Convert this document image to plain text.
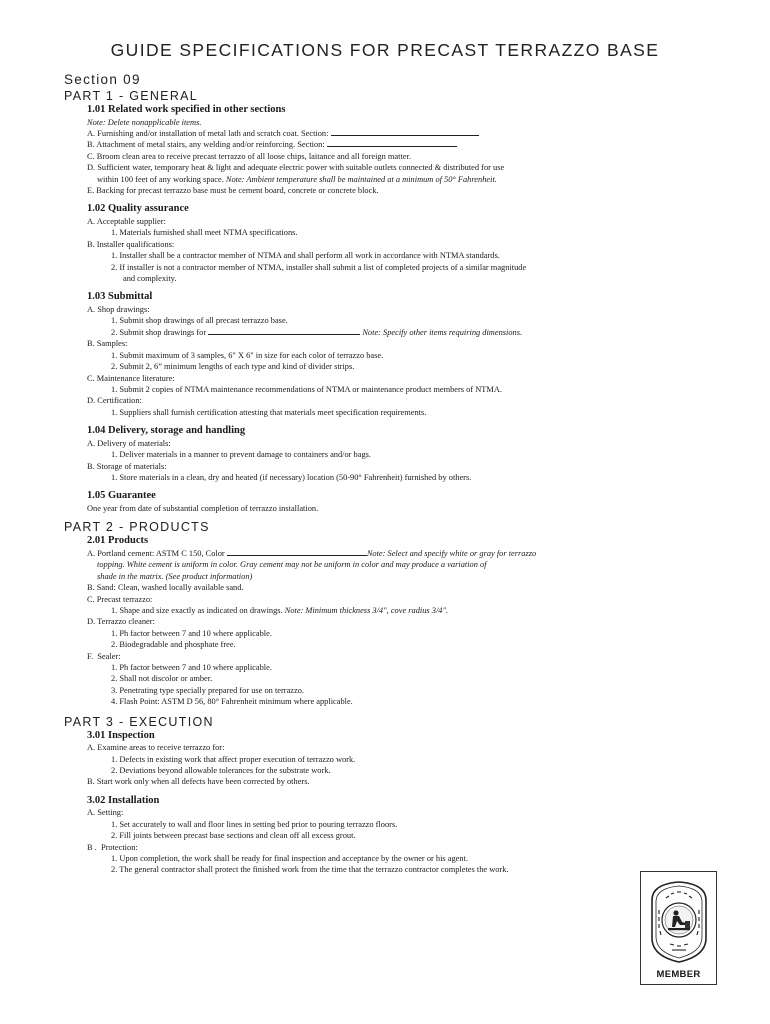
GUIDE SPECIFICATIONS FOR PRECAST TERRAZZO BASE
Section 09
PART 1 - GENERAL
1.01 Related work specified in other sections
Note: Delete nonapplicable items.
A. Furnishing and/or installation of metal lath and scratch coat. Section:
B. Attachment of metal stairs, any welding and/or reinforcing. Section:
C. Broom clean area to receive precast terrazzo of all loose chips, laitance and all foreign matter.
D. Sufficient water, temporary heat & light and adequate electric power with suitable outlets connected & distributed for use
within 100 feet of any working space. Note: Ambient temperature shall be maintained at a minimum of 50° Fahrenheit.
E. Backing for precast terrazzo base must be cement board, concrete or concrete block.
1.02 Quality assurance
A. Acceptable supplier:
1. Materials furnished shall meet NTMA specifications.
B. Installer qualifications:
1. Installer shall be a contractor member of NTMA and shall perform all work in accordance with NTMA standards.
2. If installer is not a contractor member of NTMA, installer shall submit a list of completed projects of a similar magnitude
and complexity.
1.03 Submittal
A. Shop drawings:
1. Submit shop drawings of all precast terrazzo base.
2. Submit shop drawings for	Note: Specify other items requiring dimensions.
B. Samples:
1. Submit maximum of 3 samples, 6" X 6" in size for each color of terrazzo base.
2. Submit 2, 6” minimum lengths of each type and kind of divider strips.
C. Maintenance literature:
1. Submit 2 copies of NTMA maintenance recommendations of NTMA or maintenance product members of NTMA.
D. Certification:
1. Suppliers shall furnish certification attesting that materials meet specification requirements.
1.04 Delivery, storage and handling
A. Delivery of materials:
1. Deliver materials in a manner to prevent damage to containers and/or bags.
B. Storage of materials:
1. Store materials in a clean, dry and heated (if necessary) location (50-90° Fahrenheit) furnished by others.
1.05 Guarantee
One year from date of substantial completion of terrazzo installation.
PART 2 - PRODUCTS
2.01 Products
A. Portland cement: ASTM C 150, Color	Note: Select and specify white or gray for terrazzo
topping. White cement is uniform in color. Gray cement may not be uniform in color and may produce a variation of
shade in the matrix. (See product information)
B. Sand: Clean, washed locally available sand.
C. Precast terrazzo:
1. Shape and size exactly as indicated on drawings. Note: Minimum thickness 3/4", cove radius 3/4".
D. Terrazzo cleaner:
1. Ph factor between 7 and 10 where applicable.
2. Biodegradable and phosphate free.
F.  Sealer:
1. Ph factor between 7 and 10 where applicable.
2. Shall not discolor or amber.
3. Penetrating type specially prepared for use on terrazzo.
4. Flash Point: ASTM D 56, 80° Fahrenheit minimum where applicable.
PART 3 - EXECUTION
3.01 Inspection
A. Examine areas to receive terrazzo for:
1. Defects in existing work that affect proper execution of terrazzo work.
2. Deviations beyond allowable tolerances for the substrate work.
B. Start work only when all defects have been corrected by others.
3.02 Installation
A. Setting:
1. Set accurately to wall and floor lines in setting bed prior to pouring terrazzo floors.
2. Fill joints between precast base sections and clean off all excess grout.
B .  Protection:
1. Upon completion, the work shall be ready for final inspection and acceptance by the owner or his agent.
2. The general contractor shall protect the finished work from the time that the terrazzo contractor completes the work.
MEMBER
